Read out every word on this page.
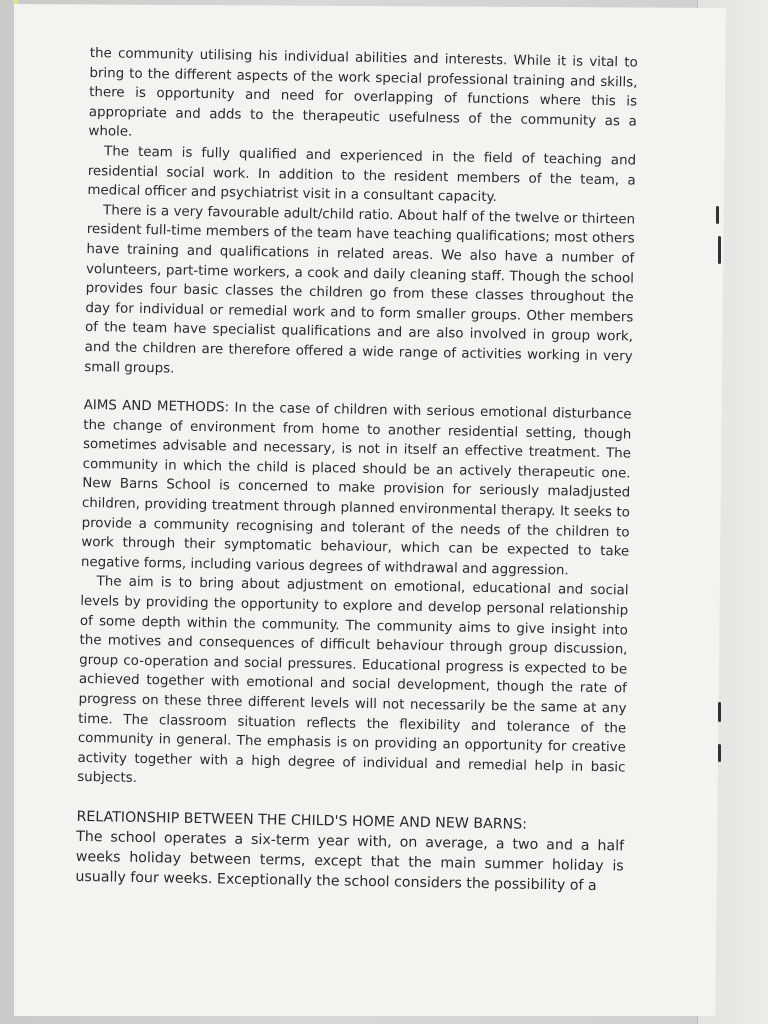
the community utilising his individual abilities and interests. While it is vital to bring to the different aspects of the work special professional training and skills, there is opportunity and need for overlapping of functions where this is appropriate and adds to the therapeutic usefulness of the community as a whole.

The team is fully qualified and experienced in the field of teaching and residential social work. In addition to the resident members of the team, a medical officer and psychiatrist visit in a consultant capacity.

There is a very favourable adult/child ratio. About half of the twelve or thirteen resident full-time members of the team have teaching qualifications; most others have training and qualifications in related areas. We also have a number of volunteers, part-time workers, a cook and daily cleaning staff. Though the school provides four basic classes the children go from these classes throughout the day for individual or remedial work and to form smaller groups. Other members of the team have specialist qualifications and are also involved in group work, and the children are therefore offered a wide range of activities working in very small groups.

AIMS AND METHODS: In the case of children with serious emotional disturbance the change of environment from home to another residential setting, though sometimes advisable and necessary, is not in itself an effective treatment. The community in which the child is placed should be an actively therapeutic one. New Barns School is concerned to make provision for seriously maladjusted children, providing treatment through planned environmental therapy. It seeks to provide a community recognising and tolerant of the needs of the children to work through their symptomatic behaviour, which can be expected to take negative forms, including various degrees of withdrawal and aggression.

The aim is to bring about adjustment on emotional, educational and social levels by providing the opportunity to explore and develop personal relationship of some depth within the community. The community aims to give insight into the motives and consequences of difficult behaviour through group discussion, group co-operation and social pressures. Educational progress is expected to be achieved together with emotional and social development, though the rate of progress on these three different levels will not necessarily be the same at any time. The classroom situation reflects the flexibility and tolerance of the community in general. The emphasis is on providing an opportunity for creative activity together with a high degree of individual and remedial help in basic subjects.

RELATIONSHIP BETWEEN THE CHILD'S HOME AND NEW BARNS:

The school operates a six-term year with, on average, a two and a half weeks holiday between terms, except that the main summer holiday is usually four weeks. Exceptionally the school considers the possibility of a
